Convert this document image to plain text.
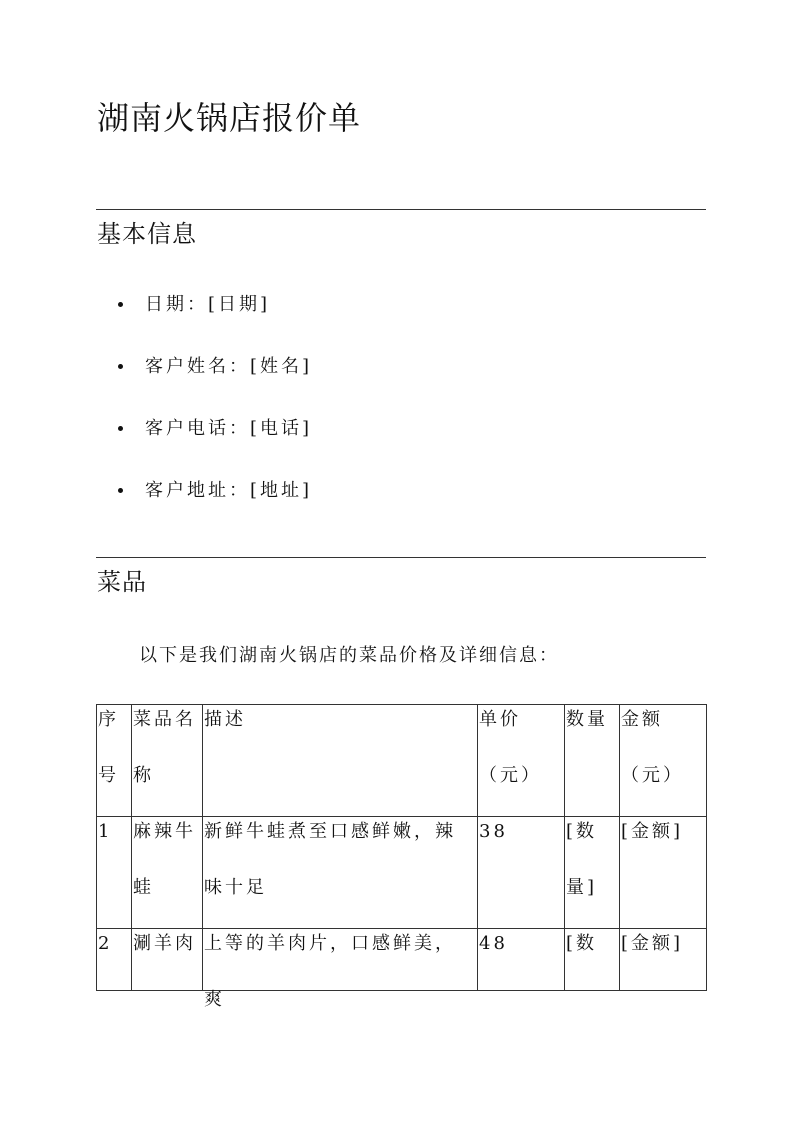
湖南火锅店报价单
基本信息
日期：[日期]
客户姓名：[姓名]
客户电话：[电话]
客户地址：[地址]
菜品

以下是我们湖南火锅店的菜品价格及详细信息：

序号	菜品名称	描述	单价（元）	数量	金额（元）

1	麻辣牛蛙	新鲜牛蛙煮至口感鲜嫩，辣味十足	38	[数量]	[金额]

2	涮羊肉	上等的羊肉片，口感鲜美，爽	48	[数	[金额]
